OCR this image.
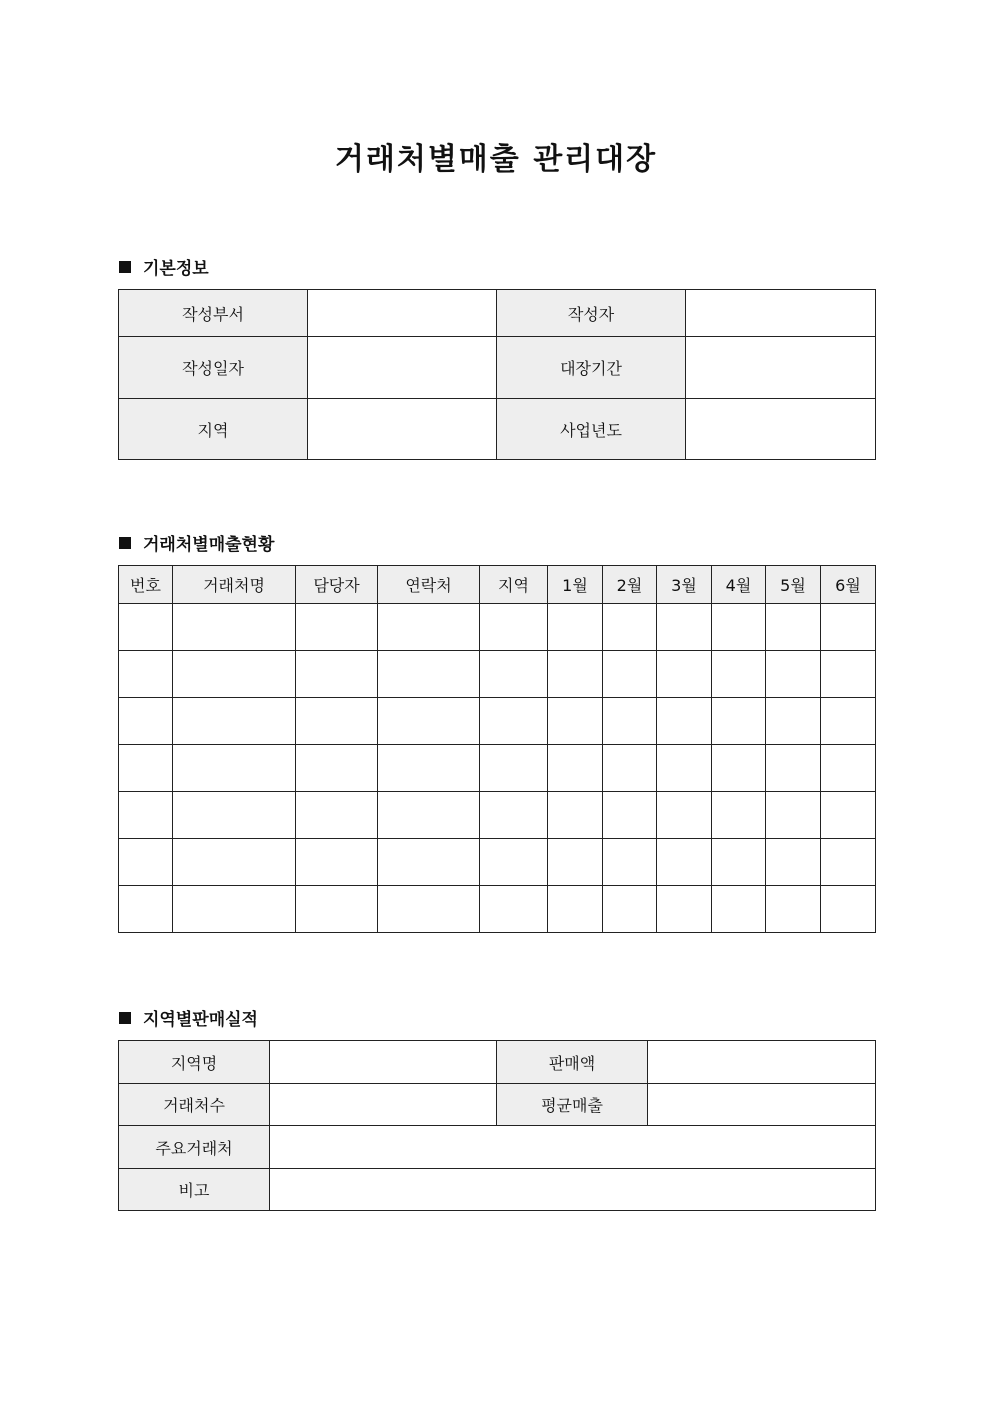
거래처별매출 관리대장
기본정보
작성부서		작성자	
작성일자		대장기간	
지역		사업년도	
거래처별매출현황
번호	거래처명	담당자	연락처	지역	1월	2월	3월	4월	5월	6월

지역별판매실적
지역명		판매액	
거래처수		평균매출	
주요거래처			
비고			
